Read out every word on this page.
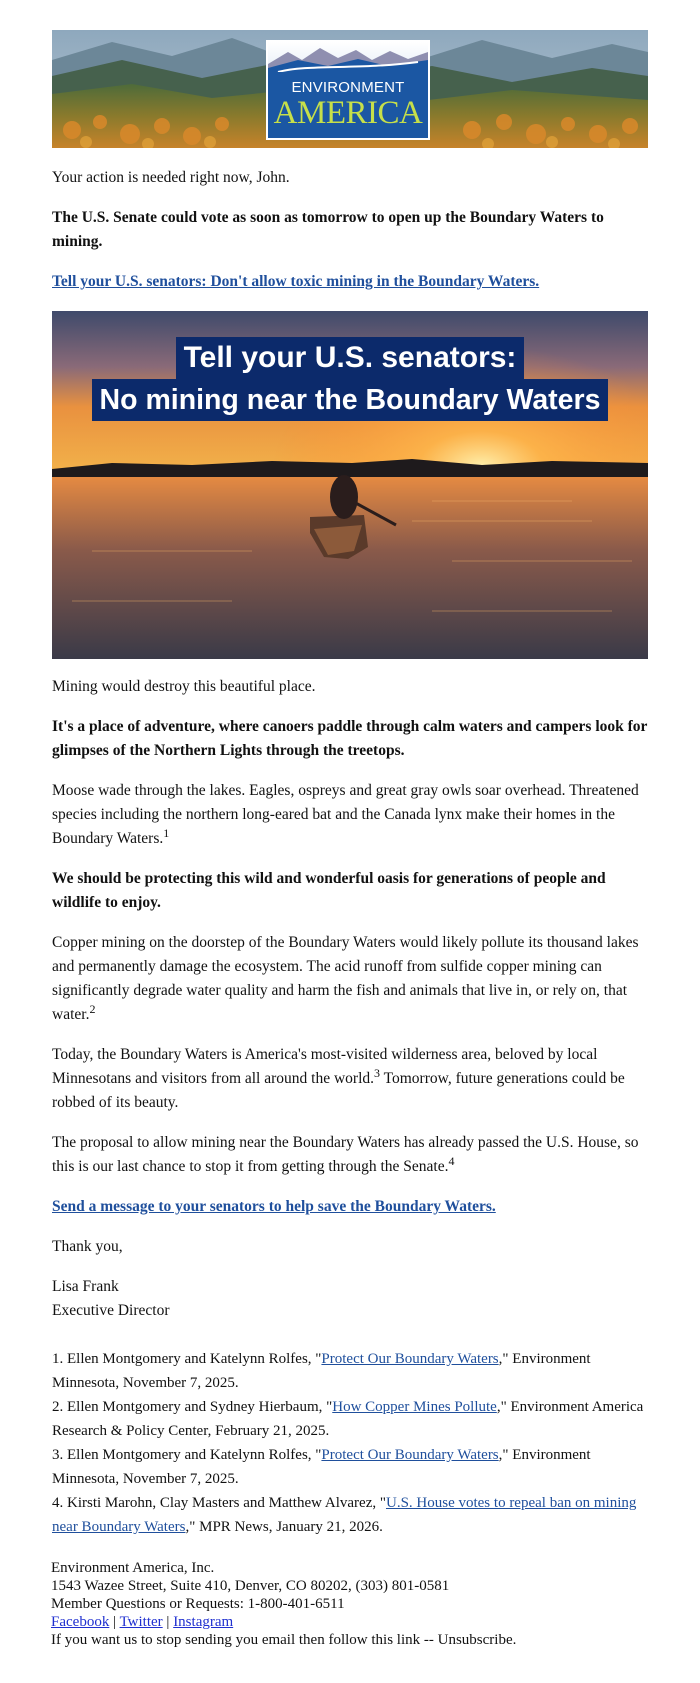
ENVIRONMENT
AMERICA

Your action is needed right now, John.

The U.S. Senate could vote as soon as tomorrow to open up the Boundary Waters to mining.

Tell your U.S. senators: Don't allow toxic mining in the Boundary Waters.

Tell your U.S. senators:
No mining near the Boundary Waters

Mining would destroy this beautiful place.

It's a place of adventure, where canoers paddle through calm waters and campers look for glimpses of the Northern Lights through the treetops.

Moose wade through the lakes. Eagles, ospreys and great gray owls soar overhead. Threatened species including the northern long-eared bat and the Canada lynx make their homes in the Boundary Waters.$^1$

We should be protecting this wild and wonderful oasis for generations of people and wildlife to enjoy.

Copper mining on the doorstep of the Boundary Waters would likely pollute its thousand lakes and permanently damage the ecosystem. The acid runoff from sulfide copper mining can significantly degrade water quality and harm the fish and animals that live in, or rely on, that water.$^2$

Today, the Boundary Waters is America's most-visited wilderness area, beloved by local Minnesotans and visitors from all around the world.$^3$ Tomorrow, future generations could be robbed of its beauty.

The proposal to allow mining near the Boundary Waters has already passed the U.S. House, so this is our last chance to stop it from getting through the Senate.$^4$

Send a message to your senators to help save the Boundary Waters.

Thank you,

Lisa Frank

Executive Director

1. Ellen Montgomery and Katelynn Rolfes, "Protect Our Boundary Waters," Environment Minnesota, November 7, 2025.

2. Ellen Montgomery and Sydney Hierbaum, "How Copper Mines Pollute," Environment America Research & Policy Center, February 21, 2025.

3. Ellen Montgomery and Katelynn Rolfes, "Protect Our Boundary Waters," Environment Minnesota, November 7, 2025.

4. Kirsti Marohn, Clay Masters and Matthew Alvarez, "U.S. House votes to repeal ban on mining near Boundary Waters," MPR News, January 21, 2026.

Environment America, Inc.

1543 Wazee Street, Suite 410, Denver, CO 80202, (303) 801-0581

Member Questions or Requests: 1-800-401-6511

Facebook | Twitter | Instagram

If you want us to stop sending you email then follow this link -- Unsubscribe.
